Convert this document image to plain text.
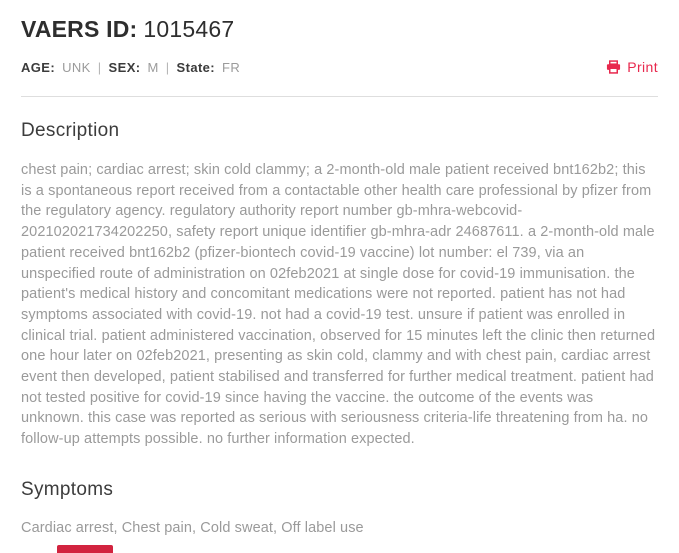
VAERS ID: 1015467
AGE: UNK | SEX: M | State: FR	Print
Description

chest pain; cardiac arrest; skin cold clammy; a 2-month-old male patient received bnt162b2; this is a spontaneous report received from a contactable other health care professional by pfizer from the regulatory agency. regulatory authority report number gb-mhra-webcovid-202102021734202250, safety report unique identifier gb-mhra-adr 24687611. a 2-month-old male patient received bnt162b2 (pfizer-biontech covid-19 vaccine) lot number: el 739, via an unspecified route of administration on 02feb2021 at single dose for covid-19 immunisation. the patient's medical history and concomitant medications were not reported. patient has not had symptoms associated with covid-19. not had a covid-19 test. unsure if patient was enrolled in clinical trial. patient administered vaccination, observed for 15 minutes left the clinic then returned one hour later on 02feb2021, presenting as skin cold, clammy and with chest pain, cardiac arrest event then developed, patient stabilised and transferred for further medical treatment. patient had not tested positive for covid-19 since having the vaccine. the outcome of the events was unknown. this case was reported as serious with seriousness criteria-life threatening from ha. no follow-up attempts possible. no further information expected.

Symptoms

Cardiac arrest, Chest pain, Cold sweat, Off label use
